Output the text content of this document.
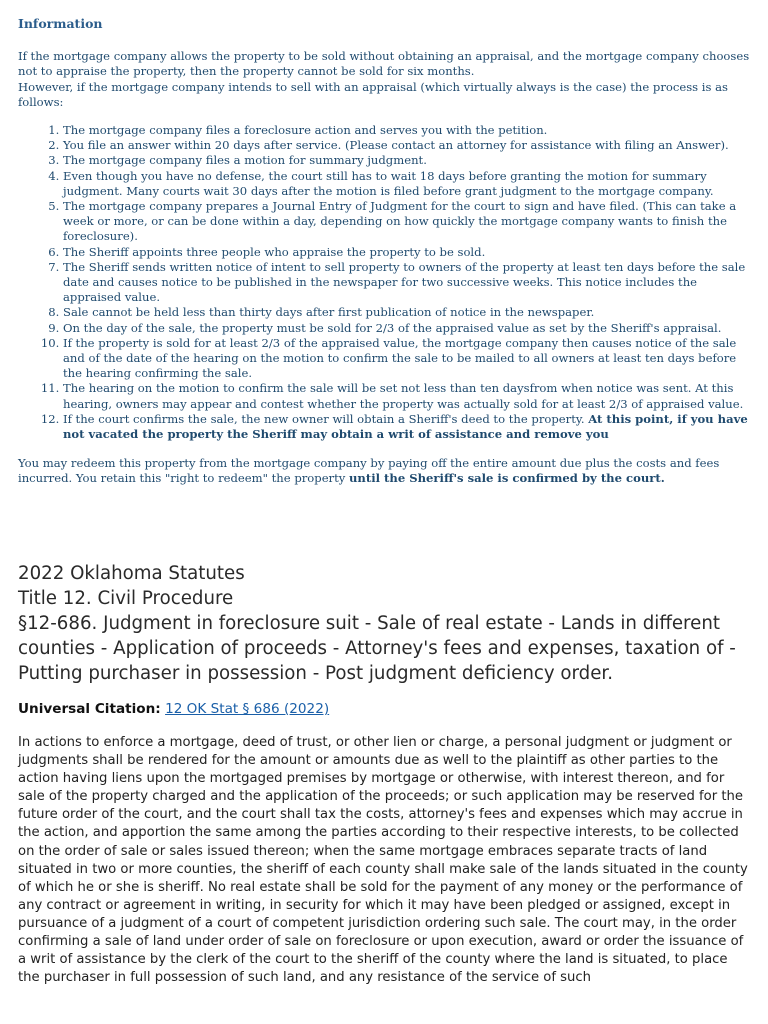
Information

If the mortgage company allows the property to be sold without obtaining an appraisal, and the mortgage company chooses not to appraise the property, then the property cannot be sold for six months.

However, if the mortgage company intends to sell with an appraisal (which virtually always is the case) the process is as follows:

1. The mortgage company files a foreclosure action and serves you with the petition.
2. You file an answer within 20 days after service. (Please contact an attorney for assistance with filing an Answer).
3. The mortgage company files a motion for summary judgment.
4. Even though you have no defense, the court still has to wait 18 days before granting the motion for summary judgment. Many courts wait 30 days after the motion is filed before grant judgment to the mortgage company.
5. The mortgage company prepares a Journal Entry of Judgment for the court to sign and have filed. (This can take a week or more, or can be done within a day, depending on how quickly the mortgage company wants to finish the foreclosure).
6. The Sheriff appoints three people who appraise the property to be sold.
7. The Sheriff sends written notice of intent to sell property to owners of the property at least ten days before the sale date and causes notice to be published in the newspaper for two successive weeks. This notice includes the appraised value.
8. Sale cannot be held less than thirty days after first publication of notice in the newspaper.
9. On the day of the sale, the property must be sold for 2/3 of the appraised value as set by the Sheriff's appraisal.
10. If the property is sold for at least 2/3 of the appraised value, the mortgage company then causes notice of the sale and of the date of the hearing on the motion to confirm the sale to be mailed to all owners at least ten days before the hearing confirming the sale.
11. The hearing on the motion to confirm the sale will be set not less than ten daysfrom when notice was sent. At this hearing, owners may appear and contest whether the property was actually sold for at least 2/3 of appraised value.
12. If the court confirms the sale, the new owner will obtain a Sheriff's deed to the property. At this point, if you have not vacated the property the Sheriff may obtain a writ of assistance and remove you

You may redeem this property from the mortgage company by paying off the entire amount due plus the costs and fees incurred. You retain this "right to redeem" the property until the Sheriff's sale is confirmed by the court.

2022 Oklahoma Statutes
Title 12. Civil Procedure
§12-686. Judgment in foreclosure suit - Sale of real estate - Lands in different counties - Application of proceeds - Attorney's fees and expenses, taxation of - Putting purchaser in possession - Post judgment deficiency order.
Universal Citation: 12 OK Stat § 686 (2022)
In actions to enforce a mortgage, deed of trust, or other lien or charge, a personal judgment or judgment or judgments shall be rendered for the amount or amounts due as well to the plaintiff as other parties to the action having liens upon the mortgaged premises by mortgage or otherwise, with interest thereon, and for sale of the property charged and the application of the proceeds; or such application may be reserved for the future order of the court, and the court shall tax the costs, attorney's fees and expenses which may accrue in the action, and apportion the same among the parties according to their respective interests, to be collected on the order of sale or sales issued thereon; when the same mortgage embraces separate tracts of land situated in two or more counties, the sheriff of each county shall make sale of the lands situated in the county of which he or she is sheriff. No real estate shall be sold for the payment of any money or the performance of any contract or agreement in writing, in security for which it may have been pledged or assigned, except in pursuance of a judgment of a court of competent jurisdiction ordering such sale. The court may, in the order confirming a sale of land under order of sale on foreclosure or upon execution, award or order the issuance of a writ of assistance by the clerk of the court to the sheriff of the county where the land is situated, to place the purchaser in full possession of such land, and any resistance of the service of such
